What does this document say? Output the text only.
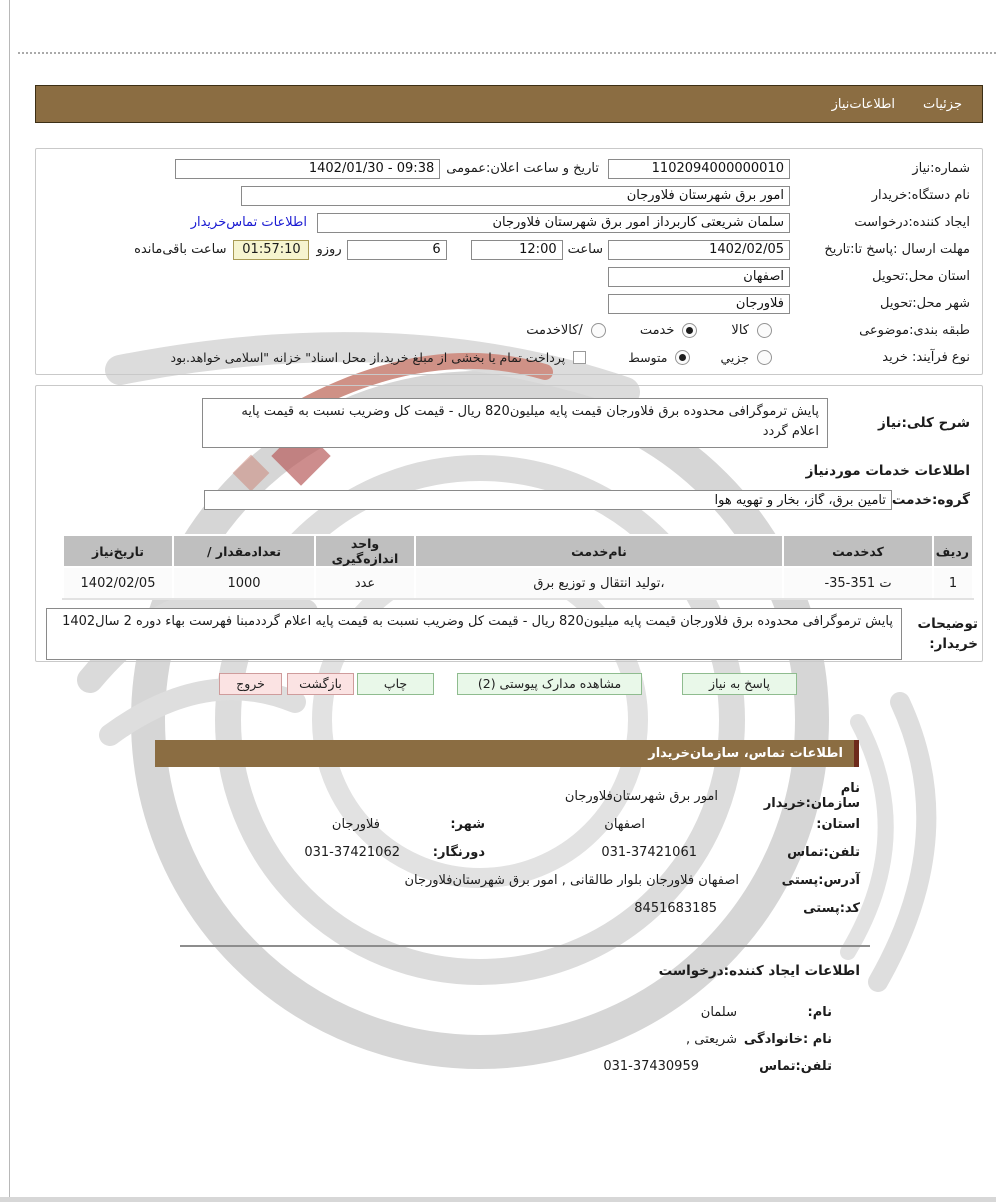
جزئیات
اطلاعات‌نیاز
شماره:نیاز
1102094000000010
تاریخ و ساعت اعلان:عمومی
09:38 - 1402/01/30
نام دستگاه:خریدار
امور برق شهرستان فلاورجان
ایجاد کننده:درخواست
سلمان شریعتی کاربرداز امور برق شهرستان فلاورجان
اطلاعات تماس‌خریدار
مهلت ارسال :پاسخ تا:تاریخ
1402/02/05
ساعت
12:00
6
روزو
01:57:10
ساعت باقی‌مانده
استان محل:تحویل
اصفهان
شهر محل:تحویل
فلاورجان
طبقه بندی:موضوعی
کالا
خدمت
/کالاخدمت
نوع فرآیند: خرید
جزيي
متوسط
پرداخت تمام یا بخشی از مبلغ خرید،از محل اسناد" خزانه "اسلامی خواهد.بود
شرح کلی:نیاز
پایش ترموگرافی محدوده برق فلاورجان قیمت پایه میلیون820 ریال - قیمت کل وضریب نسبت به قیمت پایه اعلام گردد
اطلاعات خدمات موردنیاز
گروه:خدمت
تامین برق، گاز، بخار و تهویه هوا
ردیف	کدخدمت	نام‌خدمت	واحد اندازه‌گیری	تعدادمقدار /	تاریخ‌نیاز
1	-35-351 ت	،تولید انتقال و توزیع برق	عدد	1000	1402/02/05
توضیحات
خریدار:
پایش ترموگرافی محدوده برق فلاورجان قیمت پایه میلیون820 ریال - قیمت کل وضریب نسبت به قیمت پایه اعلام گرددمبنا فهرست بهاء دوره 2 سال1402
پاسخ به نیاز
مشاهده مدارک پیوستی (2)
چاپ
بازگشت
خروج
اطلاعات تماس، سازمان‌خریدار
نام سازمان:خریدار
امور برق شهرستان‌فلاورجان
استان:
اصفهان
شهر:
فلاورجان
تلفن:تماس
031-37421061
دورنگار:
031-37421062
آدرس:پستی
اصفهان فلاورجان بلوار طالقانی , امور برق شهرستان‌فلاورجان
کد:پستی
8451683185
اطلاعات ایجاد کننده:درخواست
نام:
سلمان
نام :خانوادگی
شریعتی ,
تلفن:تماس
031-37430959
